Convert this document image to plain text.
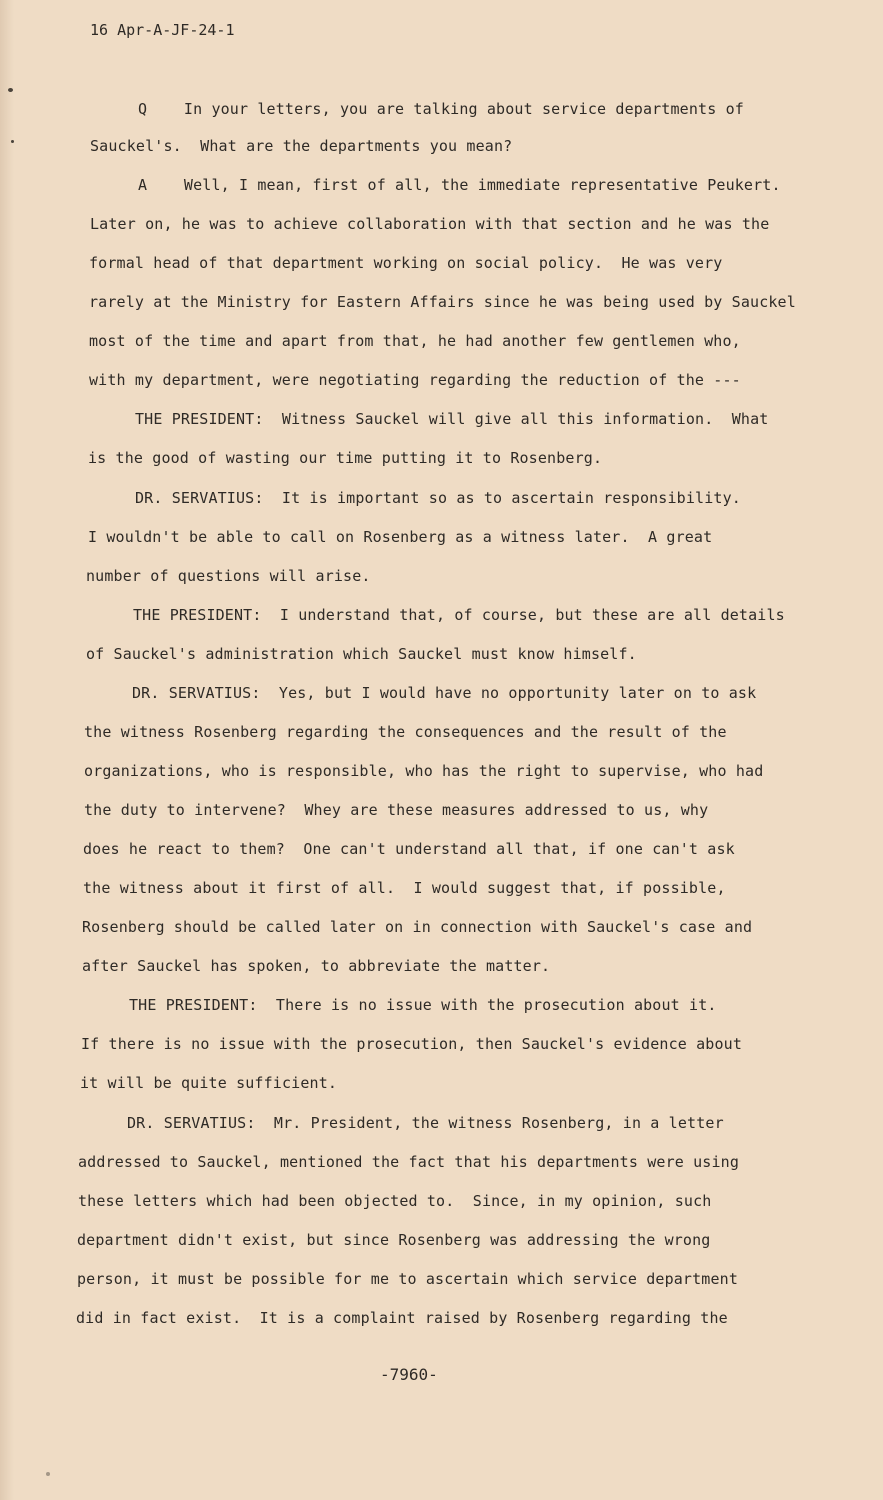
16 Apr-A-JF-24-1
Q    In your letters, you are talking about service departments of
Sauckel's.  What are the departments you mean?
A    Well, I mean, first of all, the immediate representative Peukert.
Later on, he was to achieve collaboration with that section and he was the
formal head of that department working on social policy.  He was very
rarely at the Ministry for Eastern Affairs since he was being used by Sauckel
most of the time and apart from that, he had another few gentlemen who,
with my department, were negotiating regarding the reduction of the ---
THE PRESIDENT:  Witness Sauckel will give all this information.  What
is the good of wasting our time putting it to Rosenberg.
DR. SERVATIUS:  It is important so as to ascertain responsibility.
I wouldn't be able to call on Rosenberg as a witness later.  A great
number of questions will arise.
THE PRESIDENT:  I understand that, of course, but these are all details
of Sauckel's administration which Sauckel must know himself.
DR. SERVATIUS:  Yes, but I would have no opportunity later on to ask
the witness Rosenberg regarding the consequences and the result of the
organizations, who is responsible, who has the right to supervise, who had
the duty to intervene?  Whey are these measures addressed to us, why
does he react to them?  One can't understand all that, if one can't ask
the witness about it first of all.  I would suggest that, if possible,
Rosenberg should be called later on in connection with Sauckel's case and
after Sauckel has spoken, to abbreviate the matter.
THE PRESIDENT:  There is no issue with the prosecution about it.
If there is no issue with the prosecution, then Sauckel's evidence about
it will be quite sufficient.
DR. SERVATIUS:  Mr. President, the witness Rosenberg, in a letter
addressed to Sauckel, mentioned the fact that his departments were using
these letters which had been objected to.  Since, in my opinion, such
department didn't exist, but since Rosenberg was addressing the wrong
person, it must be possible for me to ascertain which service department
did in fact exist.  It is a complaint raised by Rosenberg regarding the
-7960-
